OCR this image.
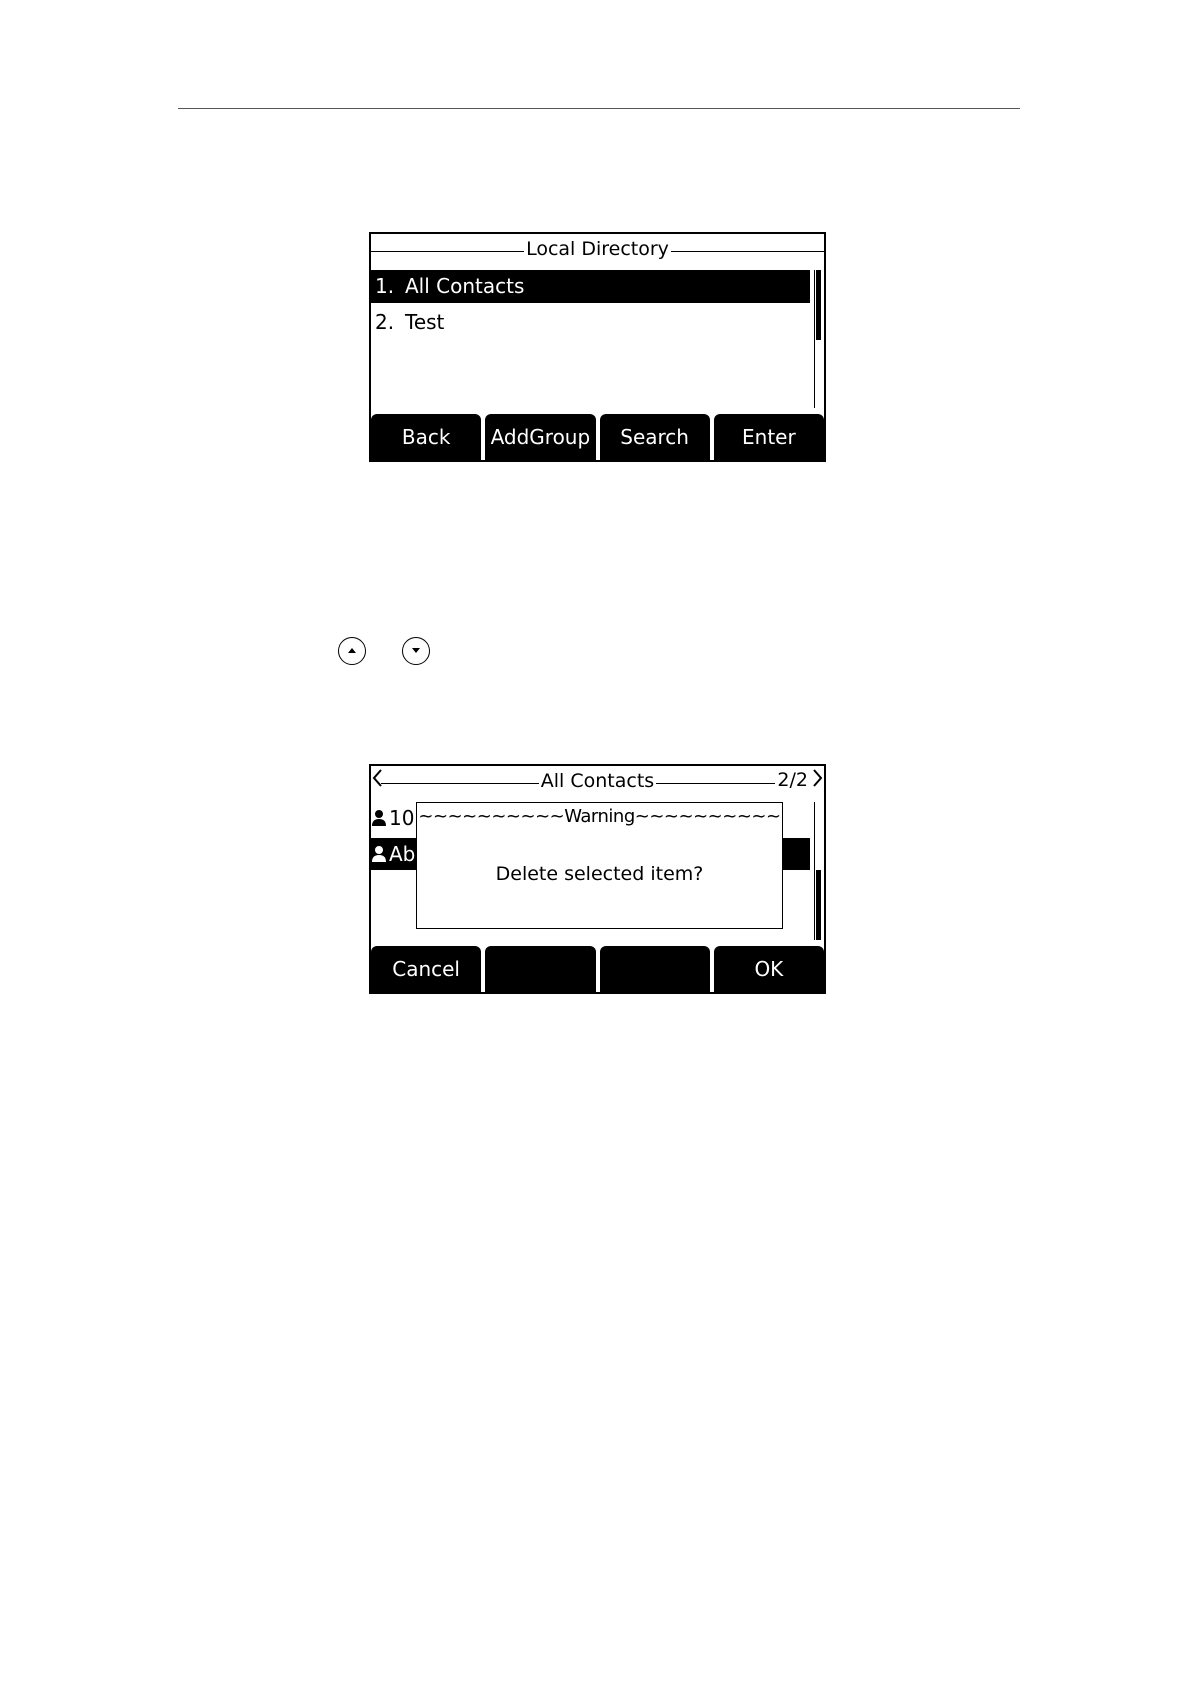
Local Directory
1. All Contacts
2. Test
Back	AddGroup	Search	Enter
All Contacts	2/2
10
Ab
~~~~~~~~~~Warning~~~~~~~~~~
Delete selected item?
Cancel	OK
